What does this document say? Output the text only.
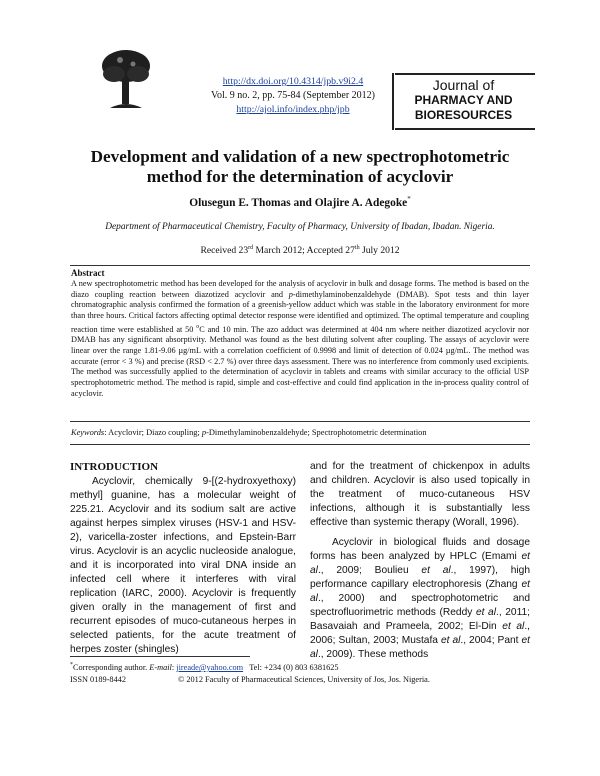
http://dx.doi.org/10.4314/jpb.v9i2.4
Vol. 9 no. 2, pp. 75-84 (September 2012)
http://ajol.info/index.php/jpb
Journal of
PHARMACY AND
BIORESOURCES
Development and validation of a new spectrophotometric
method for the determination of acyclovir
Olusegun E. Thomas and Olajire A. Adegoke*
Department of Pharmaceutical Chemistry, Faculty of Pharmacy, University of Ibadan, Ibadan. Nigeria.
Received 23rd March 2012; Accepted 27th July 2012
Abstract
A new spectrophotometric method has been developed for the analysis of acyclovir in bulk and dosage forms. The method is based on the diazo coupling reaction between diazotized acyclovir and p-dimethylaminobenzaldehyde (DMAB). Spot tests and thin layer chromatographic analysis confirmed the formation of a greenish-yellow adduct which was stable in the laboratory environment for more than three hours. Critical factors affecting optimal detector response were identified and optimized. The optimal temperature and coupling reaction time were established at 50 $^o$C and 10 min. The azo adduct was determined at 404 nm where neither diazotized acyclovir nor DMAB has any significant absorptivity. Methanol was found as the best diluting solvent after coupling. The assays of acyclovir were linear over the range 1.81-9.06 µg/mL with a correlation coefficient of 0.9998 and limit of detection of 0.024 µg/mL. The method was accurate (error < 3 %) and precise (RSD < 2.7 %) over three days assessment. There was no interference from commonly used excipients. The method was successfully applied to the determination of acyclovir in tablets and creams with similar accuracy to the official USP spectrophotometric method. The method is rapid, simple and cost-effective and could find application in the in-process quality control of acyclovir.
Keywords: Acyclovir; Diazo coupling; p-Dimethylaminobenzaldehyde; Spectrophotometric determination
INTRODUCTION

Acyclovir, chemically 9-[(2-hydroxyethoxy) methyl] guanine, has a molecular weight of 225.21. Acyclovir and its sodium salt are active against herpes simplex viruses (HSV-1 and HSV-2), varicella-zoster infections, and Epstein-Barr virus. Acyclovir is an acyclic nucleoside analogue, and it is incorporated into viral DNA inside an infected cell where it interferes with viral replication (IARC, 2000). Acyclovir is frequently given orally in the management of first and recurrent episodes of muco-cutaneous herpes in selected patients, for the acute treatment of herpes zoster (shingles)

and for the treatment of chickenpox in adults and children. Acyclovir is also used topically in the treatment of muco-cutaneous HSV infections, although it is substantially less effective than systemic therapy (Worall, 1996).

Acyclovir in biological fluids and dosage forms has been analyzed by HPLC (Emami et al., 2009; Boulieu et al., 1997), high performance capillary electrophoresis (Zhang et al., 2000) and spectrophotometric and spectrofluorimetric methods (Reddy et al., 2011; Basavaiah and Prameela, 2002; El-Din et al., 2006; Sultan, 2003; Mustafa et al., 2004; Pant et al., 2009). These methods

*Corresponding author. E-mail: jireade@yahoo.com   Tel: +234 (0) 803 6381625
ISSN 0189-8442	© 2012 Faculty of Pharmaceutical Sciences, University of Jos, Jos. Nigeria.
